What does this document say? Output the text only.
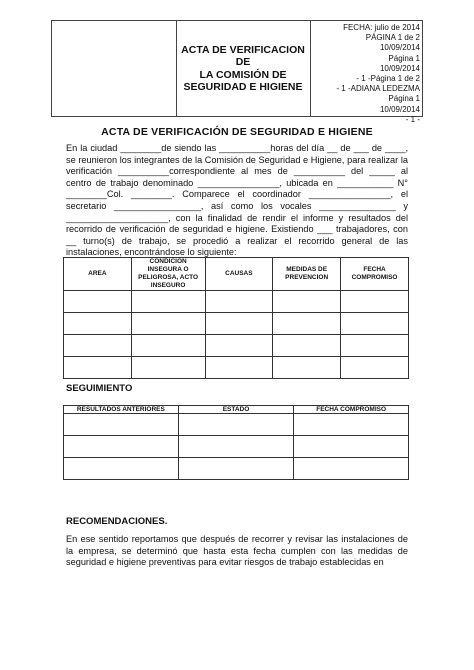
ACTA DE VERIFICACION DE
LA COMISIÓN DE
SEGURIDAD E HIGIENE
FECHA: julio de 2014
PÁGINA 1 de 2
10/09/2014
Página 1
10/09/2014
- 1 -Página 1 de 2
- 1 -ADIANA LEDEZMA
Página 1
10/09/2014
- 1 -
ACTA DE VERIFICACIÓN DE SEGURIDAD E HIGIENE

En la ciudad ________de siendo las __________horas del día __ de ___ de ____, se reunieron los integrantes de la Comisión de Seguridad e Higiene, para realizar la verificación __________correspondiente al mes de __________ del _____ al centro de trabajo denominado ________________, ubicada en ___________ N° ________Col. ________. Comparece el coordinador ________________, el secretario _________________, así como los vocales _______________ y ____________________, con la finalidad de rendir el informe y resultados del recorrido de verificación de seguridad e higiene. Existiendo ___ trabajadores, con __ turno(s) de trabajo, se procedió a realizar el recorrido general de las instalaciones, encontrándose lo siguiente:

AREA	CONDICION INSEGURA O PELIGROSA, ACTO INSEGURO	CAUSAS	MEDIDAS DE PREVENCION	FECHA COMPROMISO

SEGUIMIENTO
RESULTADOS ANTERIORES	ESTADO	FECHA COMPROMISO

RECOMENDACIONES.
En ese sentido reportamos que después de recorrer y revisar las instalaciones de la empresa, se determinó que hasta esta fecha cumplen con las medidas de seguridad e higiene preventivas para evitar riesgos de trabajo establecidas en
